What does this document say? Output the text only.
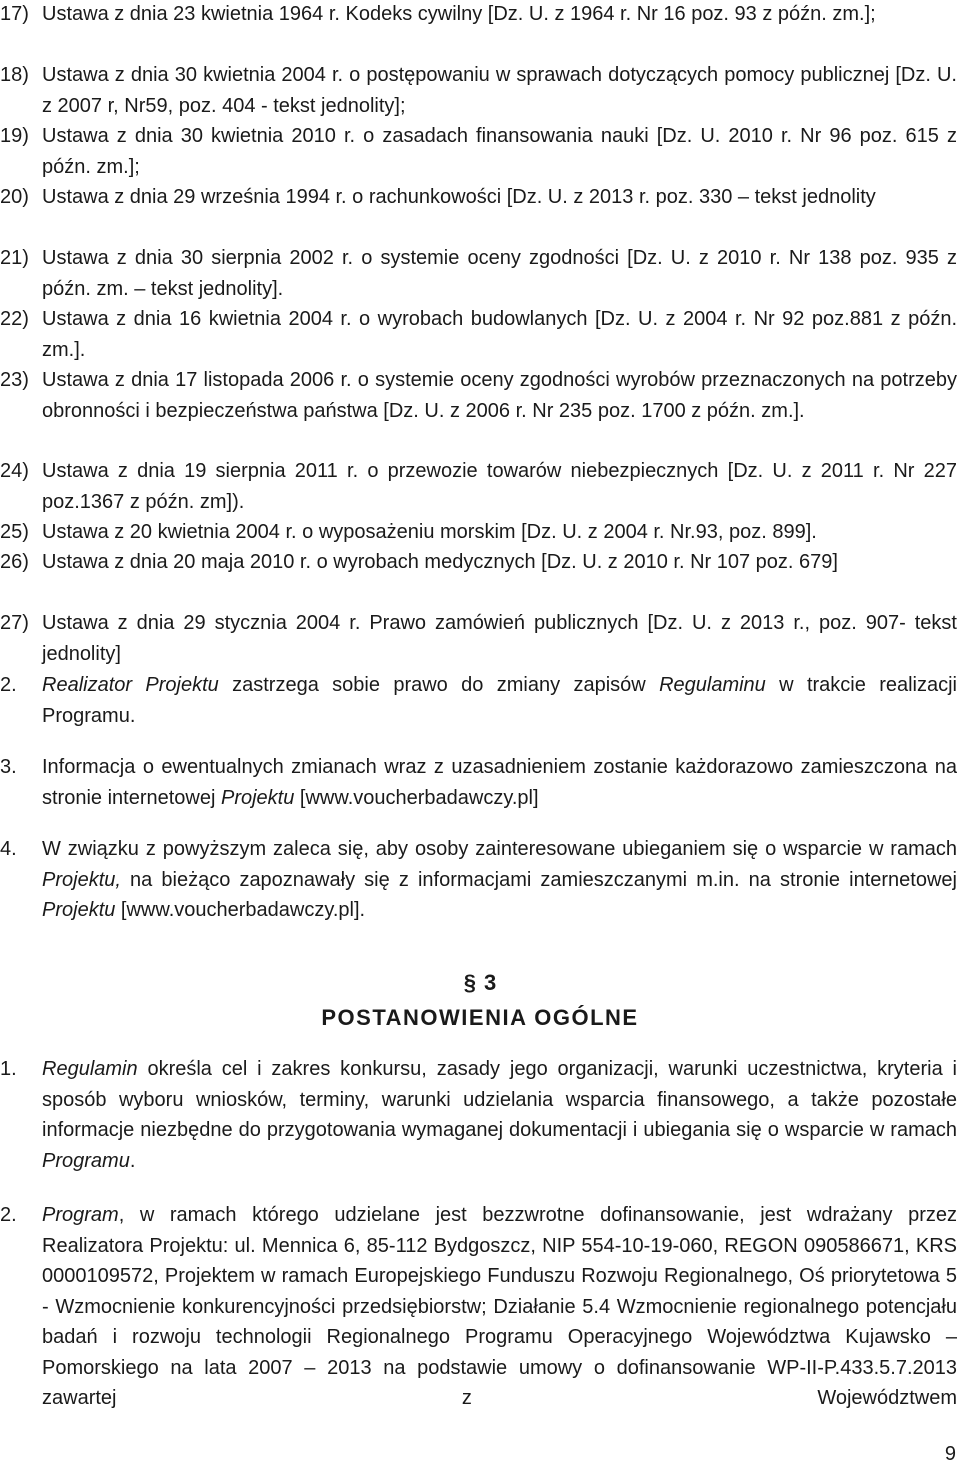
17) Ustawa z dnia 23 kwietnia 1964 r. Kodeks cywilny [Dz. U. z 1964 r. Nr 16 poz. 93 z późn. zm.];
18) Ustawa z dnia 30 kwietnia 2004 r. o postępowaniu w sprawach dotyczących pomocy publicznej [Dz. U. z 2007 r, Nr59, poz. 404 - tekst jednolity];
19) Ustawa z dnia 30 kwietnia 2010 r. o zasadach finansowania nauki [Dz. U. 2010 r. Nr 96 poz. 615 z późn. zm.];
20) Ustawa z dnia 29 września 1994 r. o rachunkowości [Dz. U. z 2013 r. poz. 330 – tekst jednolity
21) Ustawa z dnia 30 sierpnia 2002 r. o systemie oceny zgodności [Dz. U. z 2010 r. Nr 138 poz. 935 z późn. zm. – tekst jednolity].
22) Ustawa z dnia 16 kwietnia 2004 r. o wyrobach budowlanych [Dz. U. z 2004 r. Nr 92 poz.881 z późn. zm.].
23) Ustawa z dnia 17 listopada 2006 r. o systemie oceny zgodności wyrobów przeznaczonych na potrzeby obronności i bezpieczeństwa państwa [Dz. U. z 2006 r. Nr 235 poz. 1700 z późn. zm.].
24) Ustawa z dnia 19 sierpnia 2011 r. o przewozie towarów niebezpiecznych [Dz. U. z 2011 r. Nr 227 poz.1367 z późn. zm]).
25) Ustawa z 20 kwietnia 2004 r. o wyposażeniu morskim [Dz. U. z 2004 r. Nr.93, poz. 899].
26) Ustawa z dnia 20 maja 2010 r. o wyrobach medycznych [Dz. U. z 2010 r. Nr 107 poz. 679]
27) Ustawa z dnia 29 stycznia 2004 r. Prawo zamówień publicznych [Dz. U. z 2013 r., poz. 907- tekst jednolity]
2. Realizator Projektu zastrzega sobie prawo do zmiany zapisów Regulaminu w trakcie realizacji Programu.
3. Informacja o ewentualnych zmianach wraz z uzasadnieniem zostanie każdorazowo zamieszczona na stronie internetowej Projektu [www.voucherbadawczy.pl]
4. W związku z powyższym zaleca się, aby osoby zainteresowane ubieganiem się o wsparcie w ramach Projektu, na bieżąco zapoznawały się z informacjami zamieszczanymi m.in. na stronie internetowej Projektu [www.voucherbadawczy.pl].
§ 3
POSTANOWIENIA OGÓLNE
1. Regulamin określa cel i zakres konkursu, zasady jego organizacji, warunki uczestnictwa, kryteria i sposób wyboru wniosków, terminy, warunki udzielania wsparcia finansowego, a także pozostałe informacje niezbędne do przygotowania wymaganej dokumentacji i ubiegania się o wsparcie w ramach Programu.
2. Program, w ramach którego udzielane jest bezzwrotne dofinansowanie, jest wdrażany przez Realizatora Projektu: ul. Mennica 6, 85-112 Bydgoszcz, NIP 554-10-19-060, REGON 090586671, KRS 0000109572, Projektem w ramach Europejskiego Funduszu Rozwoju Regionalnego, Oś priorytetowa 5 - Wzmocnienie konkurencyjności przedsiębiorstw; Działanie 5.4 Wzmocnienie regionalnego potencjału badań i rozwoju technologii Regionalnego Programu Operacyjnego Województwa Kujawsko – Pomorskiego na lata 2007 – 2013 na podstawie umowy o dofinansowanie WP-II-P.433.5.7.2013 zawartej z Województwem
9
